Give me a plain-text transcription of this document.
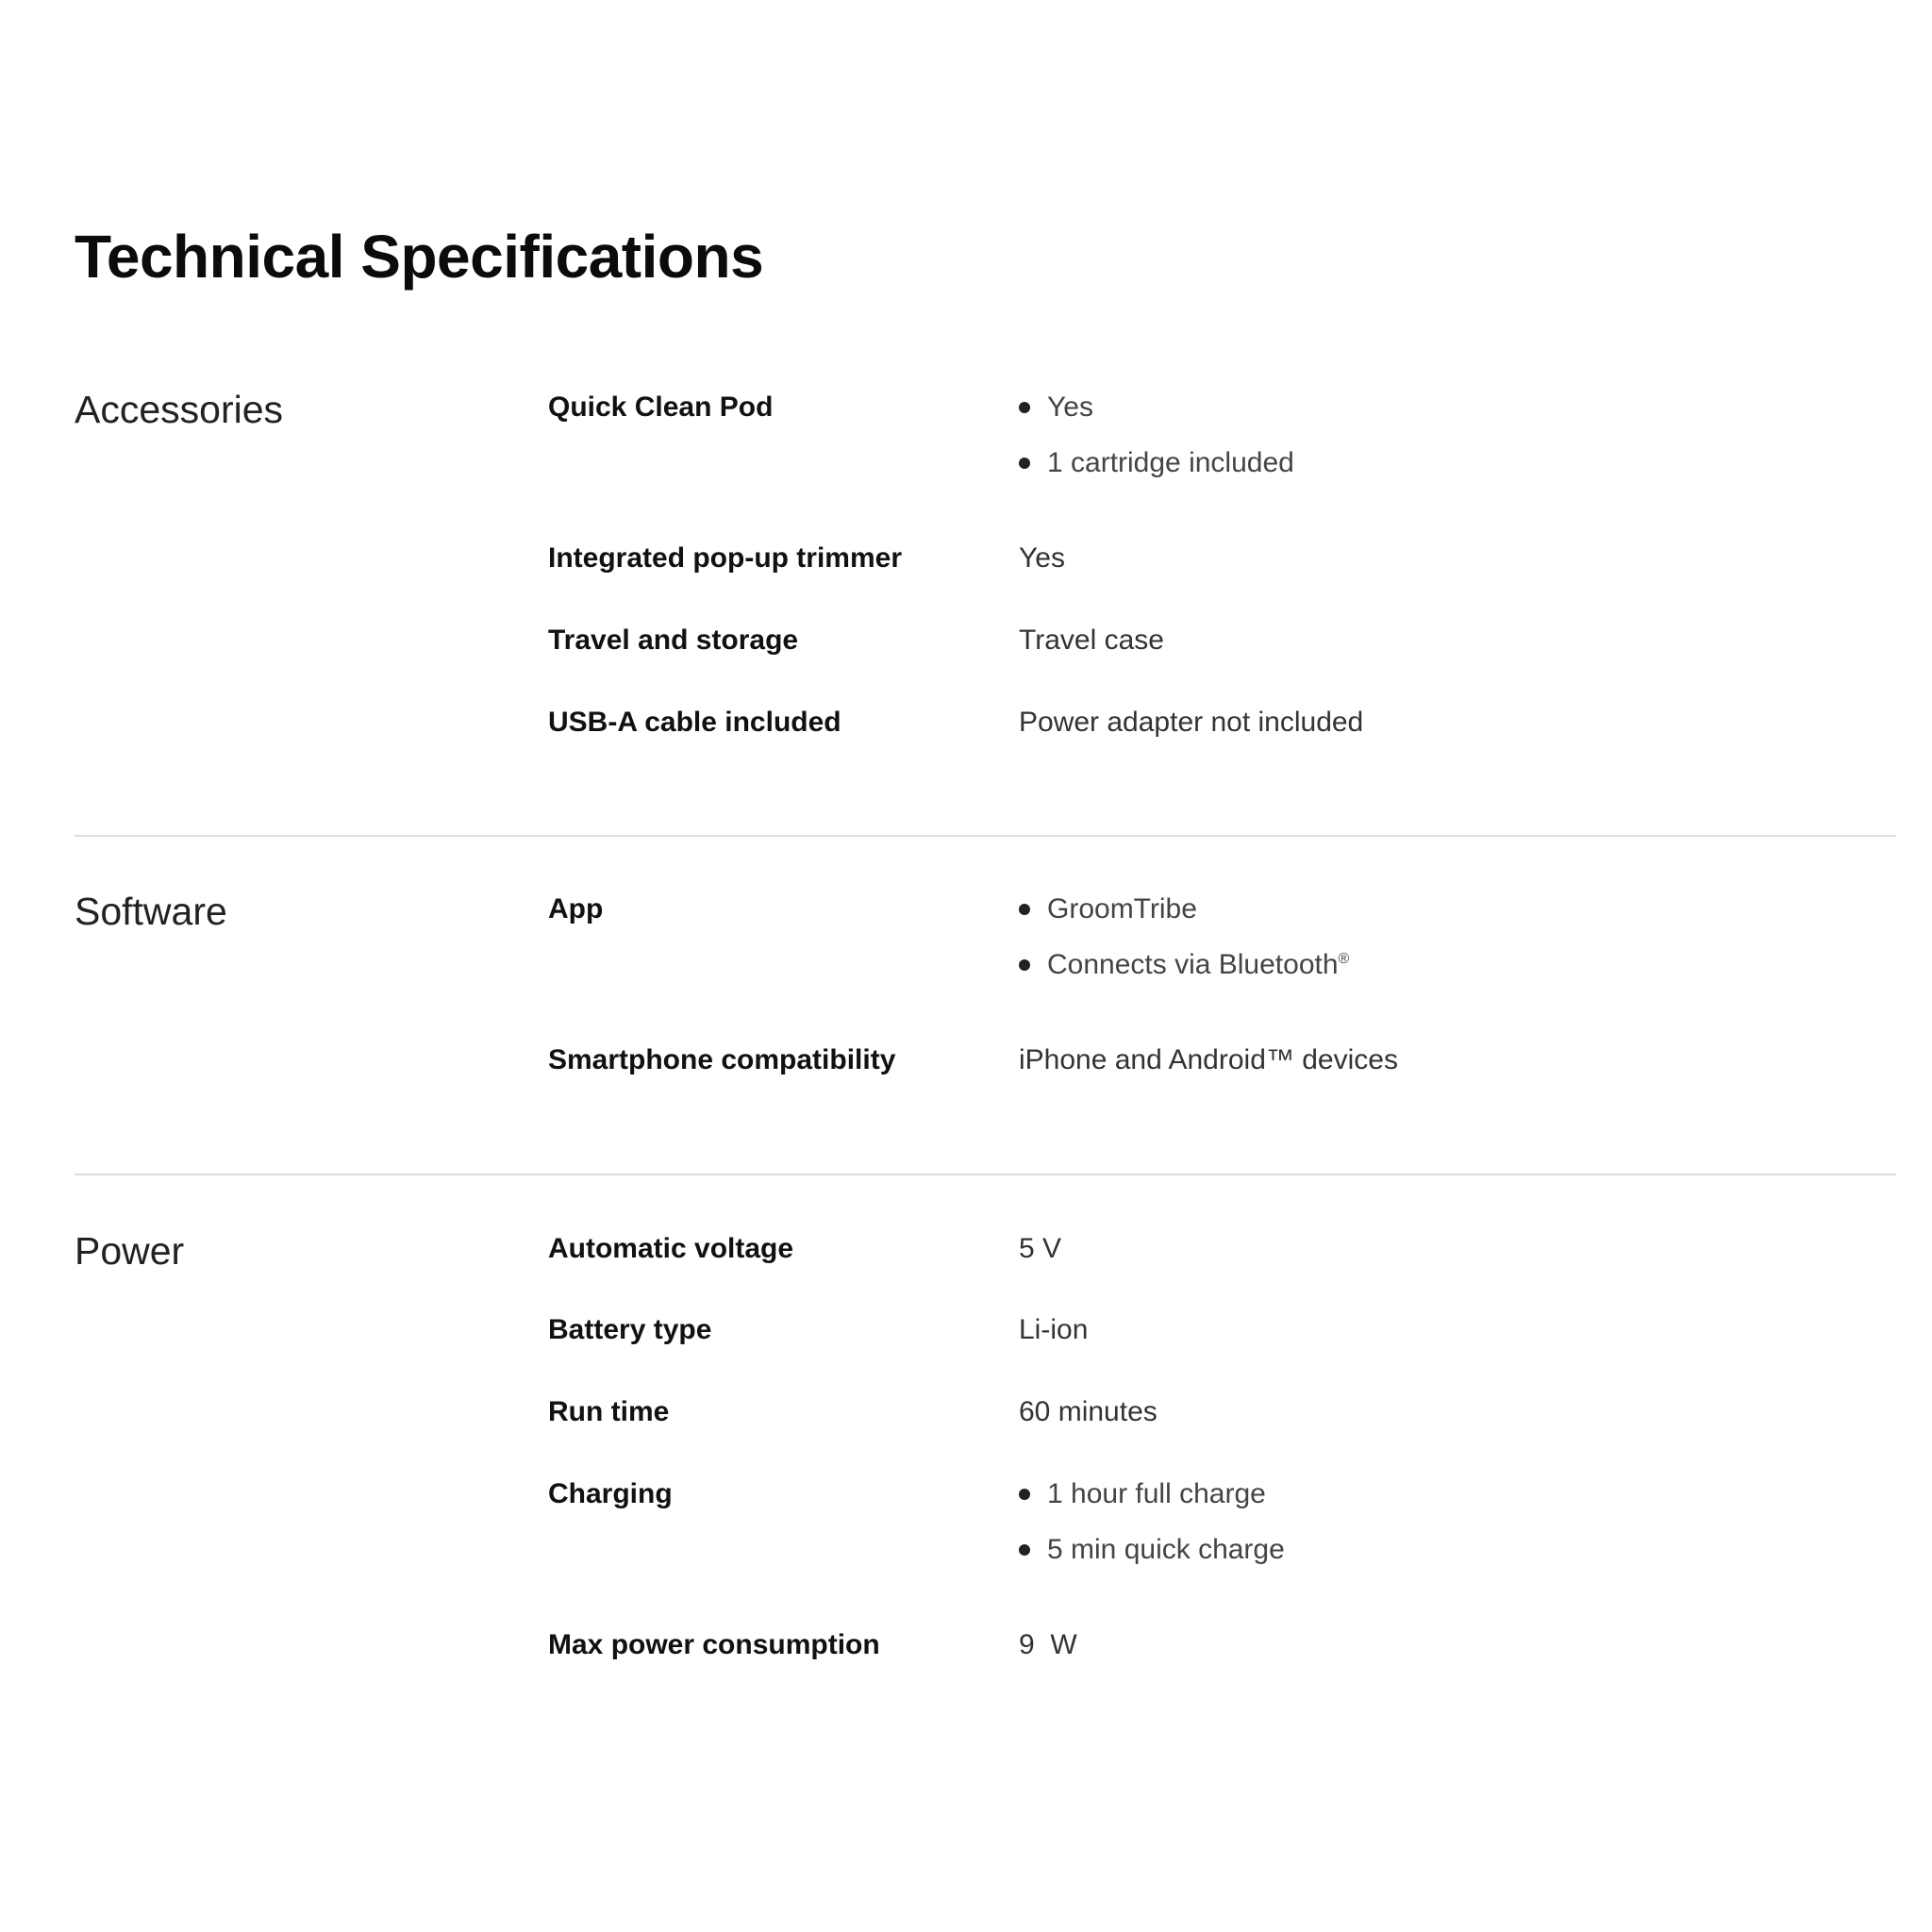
Technical Specifications
Accessories	Quick Clean Pod	Yes
1 cartridge included
Integrated pop-up trimmer	Yes
Travel and storage	Travel case
USB-A cable included	Power adapter not included
Software	App	GroomTribe
Connects via Bluetooth®
Smartphone compatibility	iPhone and Android™ devices
Power	Automatic voltage	5 V
Battery type	Li-ion
Run time	60 minutes
Charging	1 hour full charge
5 min quick charge
Max power consumption	9  W
